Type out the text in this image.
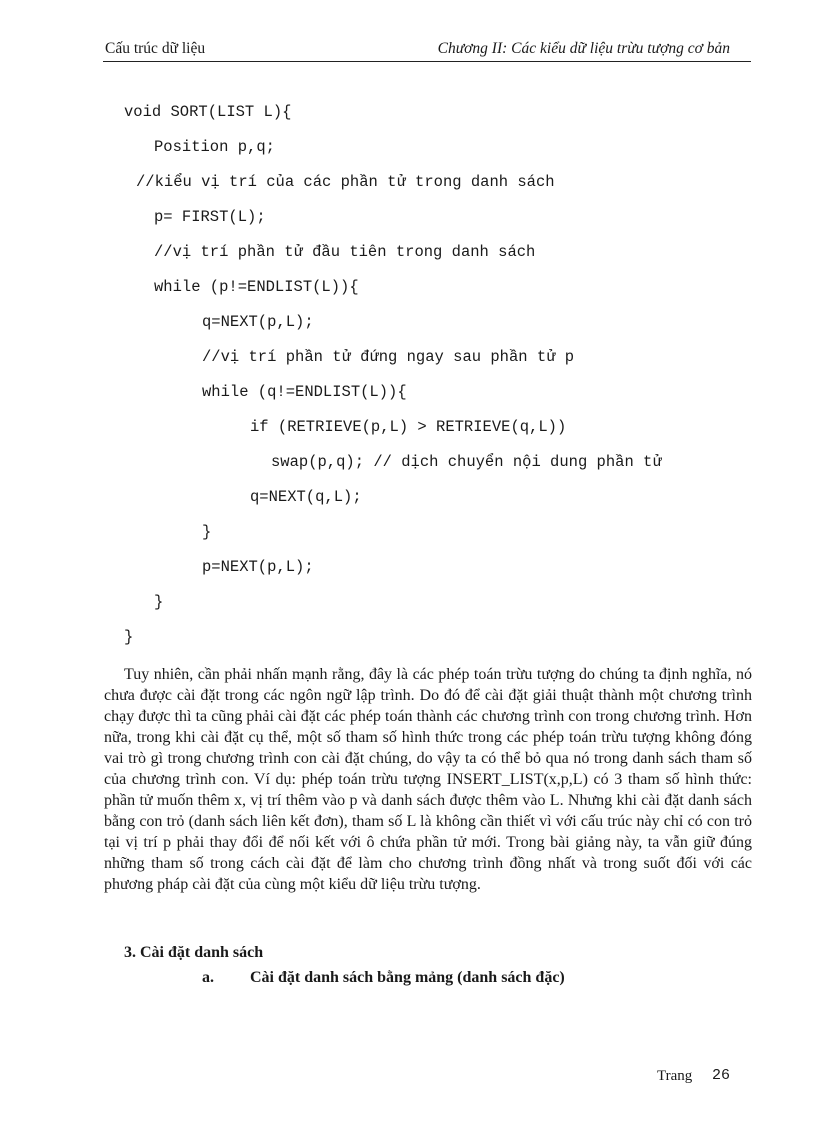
Cấu trúc dữ liệu	Chương II: Các kiểu dữ liệu trừu tượng cơ bản
void SORT(LIST L){
Position p,q;
//kiểu vị trí của các phần tử trong danh sách
p= FIRST(L);
//vị trí phần tử đầu tiên trong danh sách
while (p!=ENDLIST(L)){
q=NEXT(p,L);
//vị trí phần tử đứng ngay sau phần tử p
while (q!=ENDLIST(L)){
if (RETRIEVE(p,L) > RETRIEVE(q,L))
swap(p,q); // dịch chuyển nội dung phần tử
q=NEXT(q,L);
}
p=NEXT(p,L);
}
}

Tuy nhiên, cần phải nhấn mạnh rằng, đây là các phép toán trừu tượng do chúng ta định nghĩa, nó chưa được cài đặt trong các ngôn ngữ lập trình. Do đó để cài đặt giải thuật thành một chương trình chạy được thì ta cũng phải cài đặt các phép toán thành các chương trình con trong chương trình. Hơn nữa, trong khi cài đặt cụ thể, một số tham số hình thức trong các phép toán trừu tượng không đóng vai trò gì trong chương trình con cài đặt chúng, do vậy ta có thể bỏ qua nó trong danh sách tham số của chương trình con. Ví dụ: phép toán trừu tượng INSERT_LIST(x,p,L) có 3 tham số hình thức: phần tử muốn thêm x, vị trí thêm vào p và danh sách được thêm vào L. Nhưng khi cài đặt danh sách bằng con trỏ (danh sách liên kết đơn), tham số L là không cần thiết vì với cấu trúc này chỉ có con trỏ tại vị trí p phải thay đổi để nối kết với ô chứa phần tử mới. Trong bài giảng này, ta vẫn giữ đúng những tham số trong cách cài đặt để làm cho chương trình đồng nhất và trong suốt đối với các phương pháp cài đặt của cùng một kiểu dữ liệu trừu tượng.

3. Cài đặt danh sách
a. Cài đặt danh sách bằng mảng (danh sách đặc)
Trang 26
